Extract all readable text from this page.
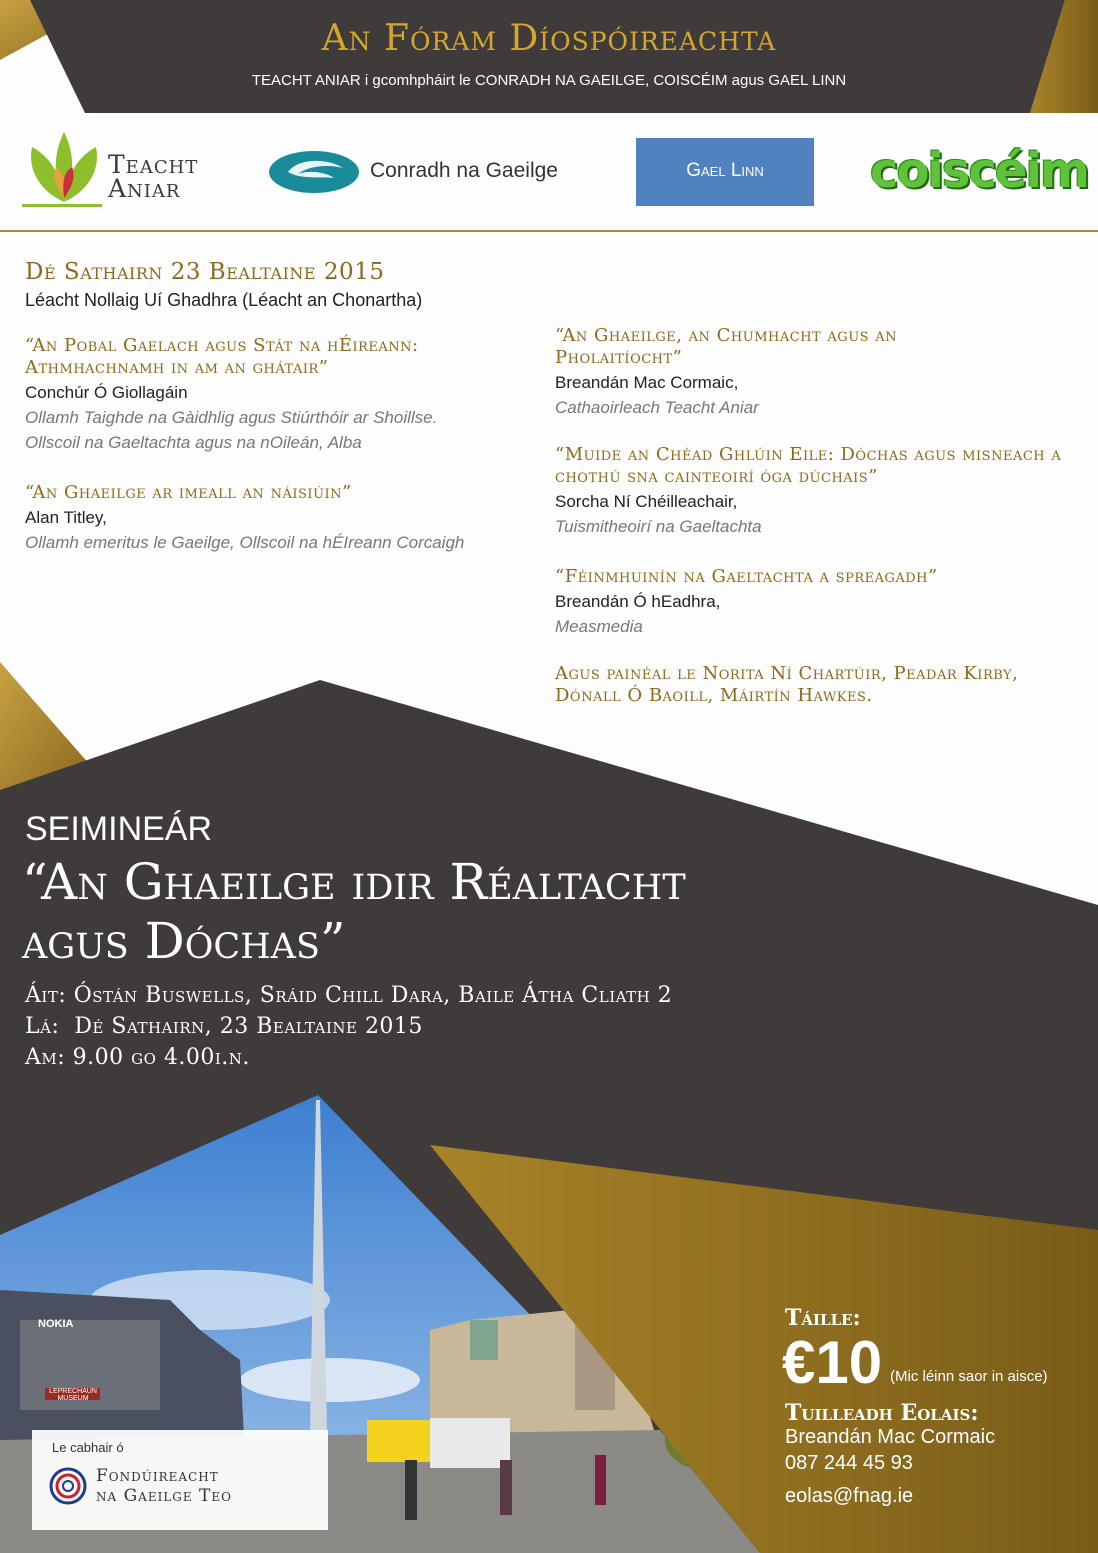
An Fóram Díospóireachta
TEACHT ANIAR i gcomhpháirt le CONRADH NA GAEILGE, COISCÉIM agus GAEL LINN
Teacht
Aniar
Conradh na Gaeilge	Gael Linn	coiscéim
Dé Sathairn 23 Bealtaine 2015
Léacht Nollaig Uí Ghadhra (Léacht an Chonartha)
“An Pobal Gaelach agus Stát na hÉireann: Athmhachnamh in am an ghátair”
Conchúr Ó Giollagáin
Ollamh Taighde na Gàidhlig agus Stiúrthóir ar Shoillse.
Ollscoil na Gaeltachta agus na nOileán, Alba
“An Ghaeilge ar imeall an náisiúin”
Alan Titley,
Ollamh emeritus le Gaeilge, Ollscoil na hÉIreann Corcaigh
“An Ghaeilge, an Chumhacht agus an Pholaitíocht”
Breandán Mac Cormaic,
Cathaoirleach Teacht Aniar
“Muide an Chéad Ghlúin Eile: Dóchas agus misneach a chothú sna cainteoirí óga dúchais”
Sorcha Ní Chéilleachair,
Tuismitheoirí na Gaeltachta
“Féinmhuinín na Gaeltachta a spreagadh”
Breandán Ó hEadhra,
Measmedia
Agus painéal le Norita Ní Chartúir, Peadar Kirby, Dónall Ó Baoill, Máirtín Hawkes.
SEIMINEÁR
“An Ghaeilge idir Réaltacht
agus Dóchas”
Áit: Óstán Buswells, Sráid Chill Dara, Baile Átha Cliath 2
Lá:  Dé Sathairn, 23 Bealtaine 2015
Am: 9.00 go 4.00i.n.
NOKIA
LEPRECHAUN
MUSEUM
Le cabhair ó
Fondúireacht
na Gaeilge Teo
Táille:
€10 (Mic léinn saor in aisce)
Tuilleadh Eolais:
Breandán Mac Cormaic
087 244 45 93
eolas@fnag.ie
